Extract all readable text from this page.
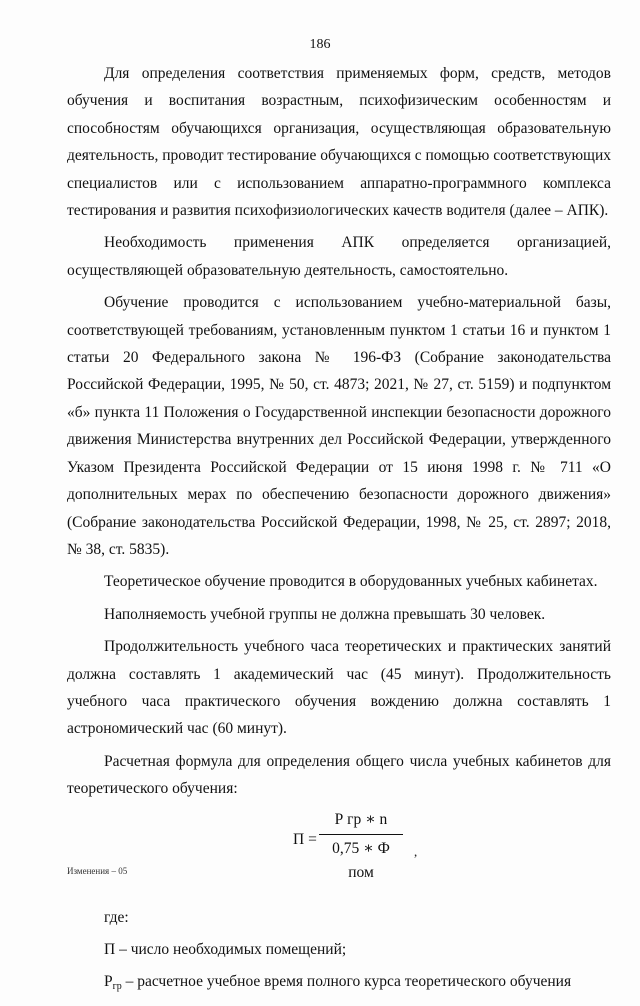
186

Для определения соответствия применяемых форм, средств, методов обучения и воспитания возрастным, психофизическим особенностям и способностям обучающихся организация, осуществляющая образовательную деятельность, проводит тестирование обучающихся с помощью соответствующих специалистов или с использованием аппаратно-программного комплекса тестирования и развития психофизиологических качеств водителя (далее – АПК).

Необходимость применения АПК определяется организацией, осуществляющей образовательную деятельность, самостоятельно.

Обучение проводится с использованием учебно-материальной базы, соответствующей требованиям, установленным пунктом 1 статьи 16 и пунктом 1 статьи 20 Федерального закона № 196-ФЗ (Собрание законодательства Российской Федерации, 1995, № 50, ст. 4873; 2021, № 27, ст. 5159) и подпунктом «б» пункта 11 Положения о Государственной инспекции безопасности дорожного движения Министерства внутренних дел Российской Федерации, утвержденного Указом Президента Российской Федерации от 15 июня 1998 г. № 711 «О дополнительных мерах по обеспечению безопасности дорожного движения» (Собрание законодательства Российской Федерации, 1998, № 25, ст. 2897; 2018, № 38, ст. 5835).

Теоретическое обучение проводится в оборудованных учебных кабинетах.

Наполняемость учебной группы не должна превышать 30 человек.

Продолжительность учебного часа теоретических и практических занятий должна составлять 1 академический час (45 минут). Продолжительность учебного часа практического обучения вождению должна составлять 1 астрономический час (60 минут).

Расчетная формула для определения общего числа учебных кабинетов для теоретического обучения:

П =
Р гр ∗ n
0,75 ∗ Ф пом
,

где:

П – число необходимых помещений;

$Р_{гр}$ – расчетное учебное время полного курса теоретического обучения

Изменения – 05
